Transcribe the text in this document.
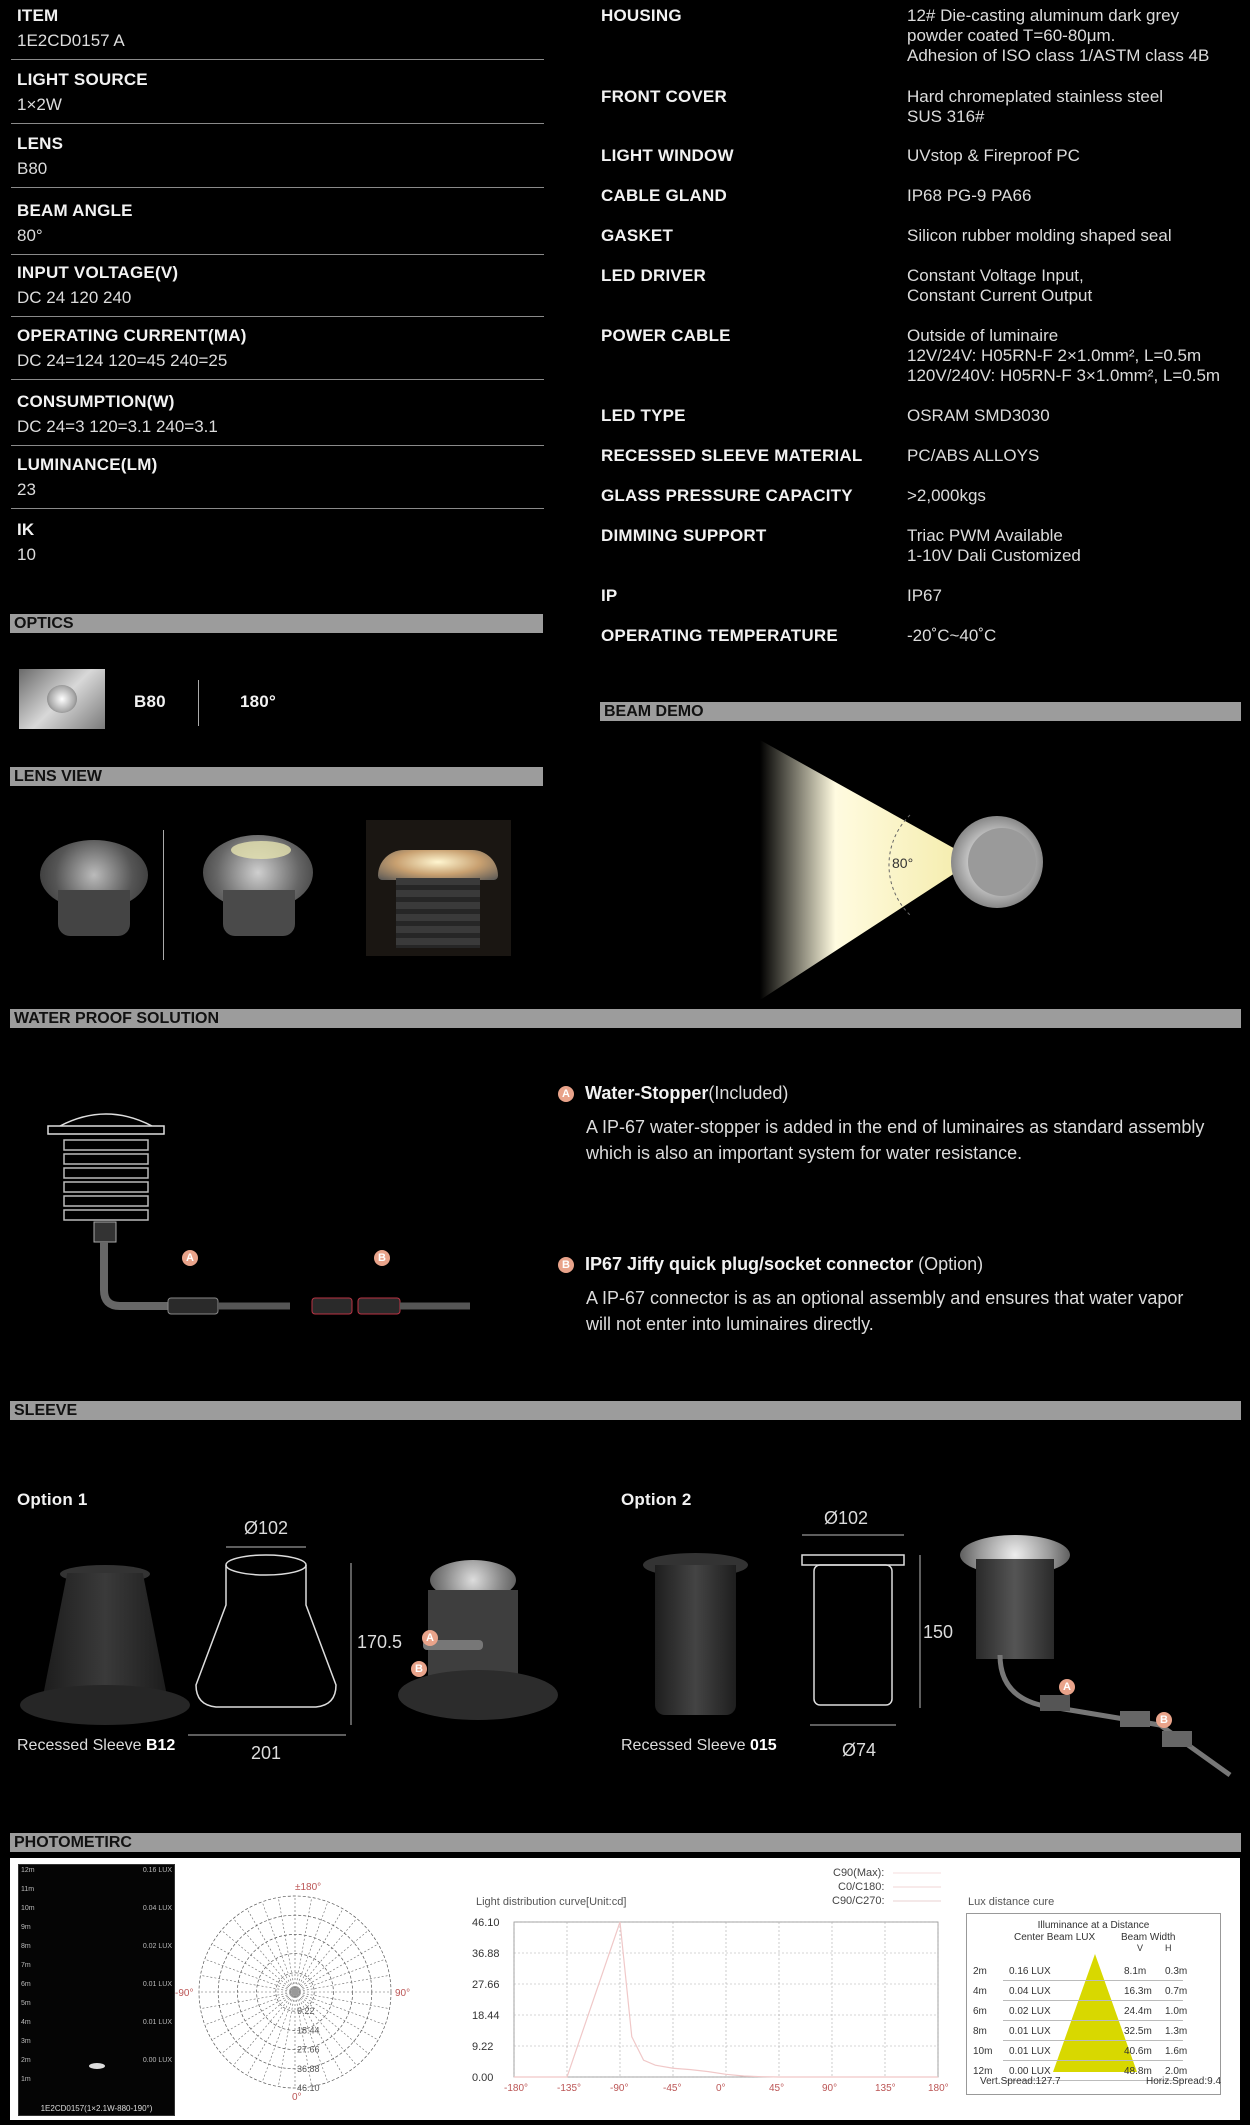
ITEM
1E2CD0157 A
LIGHT SOURCE
1×2W
LENS
B80
BEAM ANGLE
80°
INPUT VOLTAGE(V)
DC 24 120 240
OPERATING CURRENT(MA)
DC 24=124 120=45 240=25
CONSUMPTION(W)
DC 24=3 120=3.1 240=3.1
LUMINANCE(LM)
23
IK
10
HOUSING	12# Die-casting aluminum dark grey
powder coated T=60-80μm.
Adhesion of ISO class 1/ASTM class 4B
FRONT COVER	Hard chromeplated stainless steel
SUS 316#
LIGHT WINDOW	UVstop & Fireproof PC
CABLE GLAND	IP68 PG-9 PA66
GASKET	Silicon rubber molding shaped seal
LED DRIVER	Constant Voltage Input,
Constant Current Output
POWER CABLE	Outside of luminaire
12V/24V: H05RN-F 2×1.0mm², L=0.5m
120V/240V: H05RN-F 3×1.0mm², L=0.5m
LED TYPE	OSRAM SMD3030
RECESSED SLEEVE MATERIAL	PC/ABS ALLOYS
GLASS PRESSURE CAPACITY	>2,000kgs
DIMMING SUPPORT	Triac PWM Available
1-10V Dali Customized
IP	IP67
OPERATING TEMPERATURE	-20˚C~40˚C
OPTICS
B80	180°
BEAM DEMO
80°
LENS VIEW
WATER PROOF SOLUTION
A	B
A Water-Stopper(Included)
A IP-67 water-stopper is added in the end of luminaires as standard assembly
which is also an important system for water resistance.
B IP67 Jiffy quick plug/socket connector (Option)
A IP-67 connector is as an optional assembly and ensures that water vapor
will not enter into luminaires directly.
SLEEVE
Option 1
Ø102
170.5
201
A
B
Recessed Sleeve B12
Option 2
Ø102
150
Ø74
A
B
Recessed Sleeve 015
PHOTOMETIRC
12m
11m
10m
9m
8m
7m
6m
5m
4m
3m
2m
1m
0.16 LUX
0.04 LUX
0.02 LUX
0.01 LUX
0.01 LUX
0.00 LUX
1E2CD0157(1×2.1W-880-190°)
±180°
-90°	90°
0°
9.22
18.44
27.66
36.88
46.10
C90(Max):
C0/C180:
C90/C270:
Light distribution curve[Unit:cd]
-180°	-135°	-90°	-45°	0°	45°	90°	135°	180°
46.10
36.88
27.66
18.44
9.22
0.00
Lux distance cure
Illuminance at a Distance
Center Beam LUX	Beam Width
V H
2m 0.16 LUX	8.1m 0.3m
4m 0.04 LUX	16.3m 0.7m
6m 0.02 LUX	24.4m 1.0m
8m 0.01 LUX	32.5m 1.3m
10m 0.01 LUX	40.6m 1.6m
12m 0.00 LUX	48.8m 2.0m
Vert.Spread:127.7	Horiz.Spread:9.4
